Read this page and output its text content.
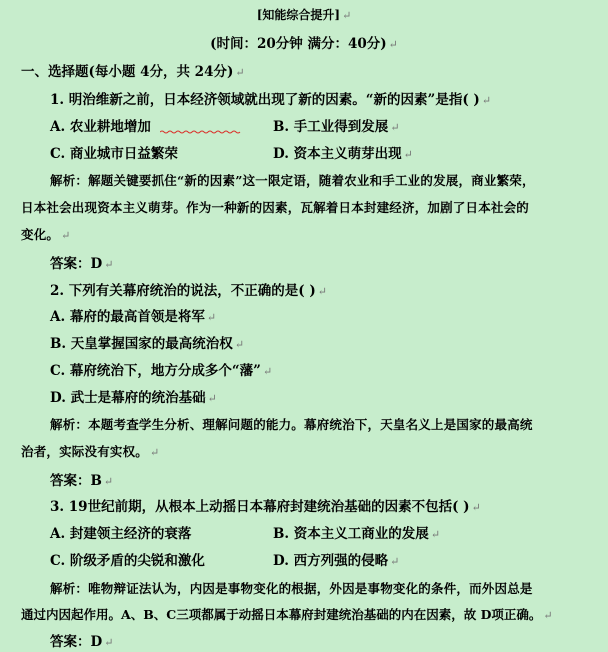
[知能综合提升] ↵
(时间：20分钟 满分：40分) ↵
一、选择题(每小题 4分，共 24分) ↵
1. 明治维新之前，日本经济领域就出现了新的因素。“新的因素”是指( ) ↵
A. 农业耕地增加	B. 手工业得到发展 ↵
C. 商业城市日益繁荣	D. 资本主义萌芽出现 ↵
解析：解题关键要抓住“新的因素”这一限定语，随着农业和手工业的发展，商业繁荣，
日本社会出现资本主义萌芽。作为一种新的因素，瓦解着日本封建经济，加剧了日本社会的
变化。 ↵
答案：D ↵
2. 下列有关幕府统治的说法，不正确的是( ) ↵
A. 幕府的最高首领是将军 ↵
B. 天皇掌握国家的最高统治权 ↵
C. 幕府统治下，地方分成多个“藩” ↵
D. 武士是幕府的统治基础 ↵
解析：本题考查学生分析、理解问题的能力。幕府统治下，天皇名义上是国家的最高统
治者，实际没有实权。 ↵
答案：B ↵
3. 19世纪前期，从根本上动摇日本幕府封建统治基础的因素不包括( ) ↵
A. 封建领主经济的衰落	B. 资本主义工商业的发展 ↵
C. 阶级矛盾的尖锐和激化	D. 西方列强的侵略 ↵
解析：唯物辩证法认为，内因是事物变化的根据，外因是事物变化的条件，而外因总是
通过内因起作用。A、B、C三项都属于动摇日本幕府封建统治基础的内在因素，故 D项正确。 ↵
答案：D ↵
